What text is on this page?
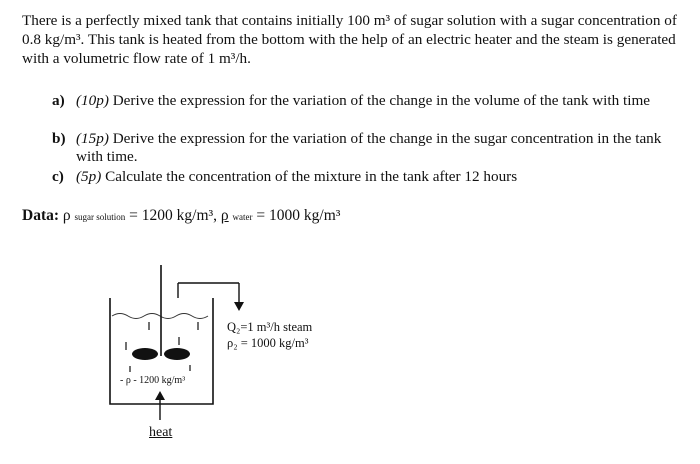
There is a perfectly mixed tank that contains initially 100 m³ of sugar solution with a sugar concentration of 0.8 kg/m³. This tank is heated from the bottom with the help of an electric heater and the steam is generated with a volumetric flow rate of 1 m³/h.
a) (10p) Derive the expression for the variation of the change in the volume of the tank with time
b) (15p) Derive the expression for the variation of the change in the sugar concentration in the tank with time.
c) (5p) Calculate the concentration of the mixture in the tank after 12 hours
Data: ρ sugar solution = 1200 kg/m³, ρ water = 1000 kg/m³
Q₂=1 m³/h steam
ρ₂ = 1000 kg/m³
- ρ - 1200 kg/m³
heat
